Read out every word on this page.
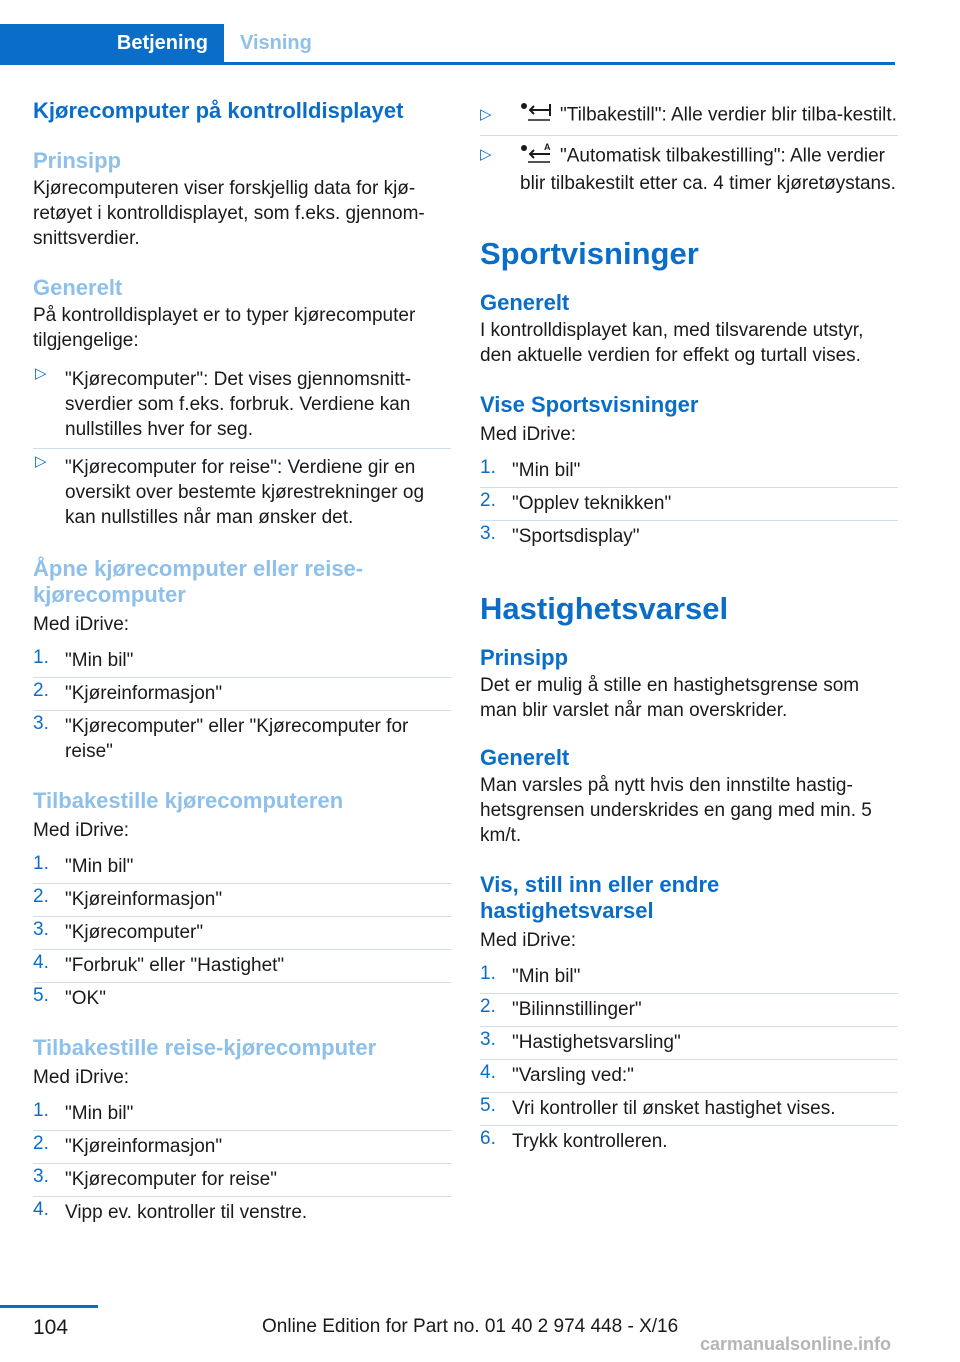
Betjening	Visning
Kjørecomputer på kontrolldisplayet
Prinsipp

Kjørecomputeren viser forskjellig data for kjø-retøyet i kontrolldisplayet, som f.eks. gjennom-snittsverdier.

Generelt

På kontrolldisplayet er to typer kjørecomputer tilgjengelige:

▷ "Kjørecomputer": Det vises gjennomsnitt-sverdier som f.eks. forbruk. Verdiene kan nullstilles hver for seg.
▷ "Kjørecomputer for reise": Verdiene gir en oversikt over bestemte kjørestrekninger og kan nullstilles når man ønsker det.
Åpne kjørecomputer eller reise-kjørecomputer

Med iDrive:

1. "Min bil"
2. "Kjøreinformasjon"
3. "Kjørecomputer" eller "Kjørecomputer for reise"
Tilbakestille kjørecomputeren

Med iDrive:

1. "Min bil"
2. "Kjøreinformasjon"
3. "Kjørecomputer"
4. "Forbruk" eller "Hastighet"
5. "OK"
Tilbakestille reise-kjørecomputer

Med iDrive:

1. "Min bil"
2. "Kjøreinformasjon"
3. "Kjørecomputer for reise"
4. Vipp ev. kontroller til venstre.
▷	"Tilbakestill": Alle verdier blir tilba-kestilt.
▷	A "Automatisk tilbakestilling": Alle verdier blir tilbakestilt etter ca. 4 timer kjøretøystans.
Sportvisninger
Generelt

I kontrolldisplayet kan, med tilsvarende utstyr, den aktuelle verdien for effekt og turtall vises.

Vise Sportsvisninger

Med iDrive:

1. "Min bil"
2. "Opplev teknikken"
3. "Sportsdisplay"
Hastighetsvarsel
Prinsipp

Det er mulig å stille en hastighetsgrense som man blir varslet når man overskrider.

Generelt

Man varsles på nytt hvis den innstilte hastig-hetsgrensen underskrides en gang med min. 5 km/t.

Vis, still inn eller endre hastighetsvarsel

Med iDrive:

1. "Min bil"
2. "Bilinnstillinger"
3. "Hastighetsvarsling"
4. "Varsling ved:"
5. Vri kontroller til ønsket hastighet vises.
6. Trykk kontrolleren.
104	Online Edition for Part no. 01 40 2 974 448 - X/16
carmanualsonline.info
